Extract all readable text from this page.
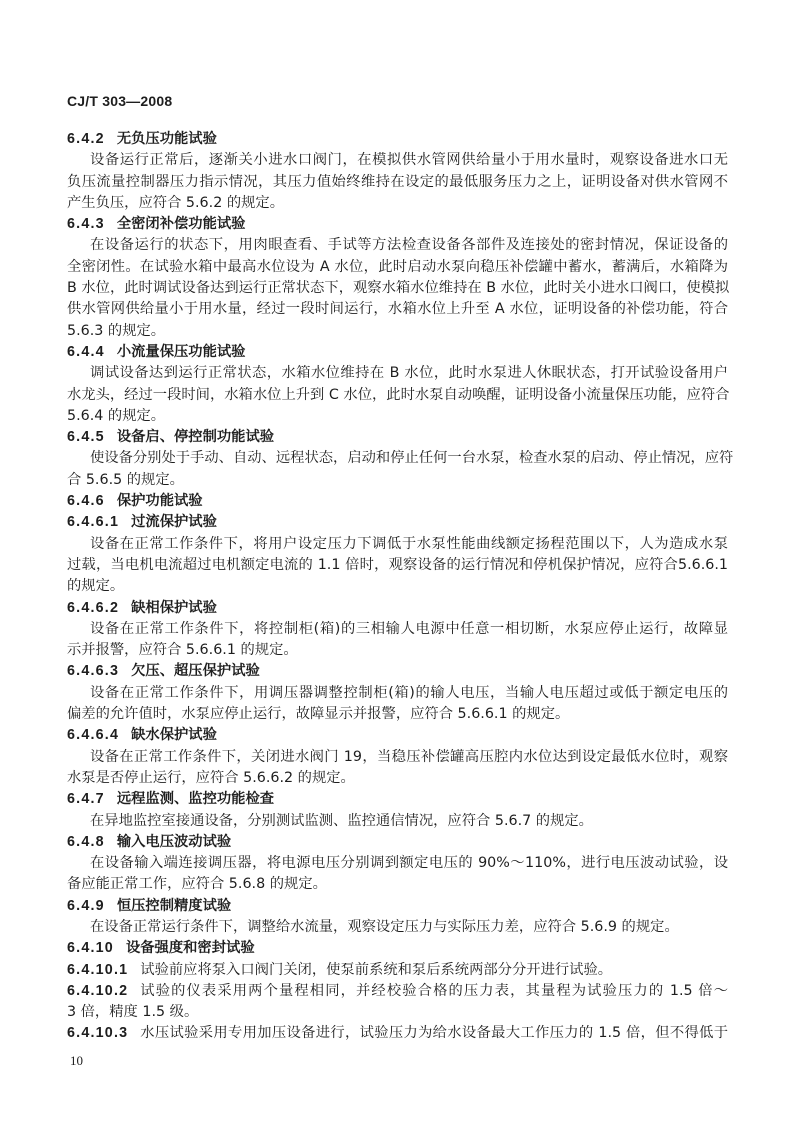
CJ/T 303—2008
6.4.2 无负压功能试验
设备运行正常后，逐渐关小进水口阀门，在模拟供水管网供给量小于用水量时，观察设备进水口无
负压流量控制器压力指示情况，其压力值始终维持在设定的最低服务压力之上，证明设备对供水管网不
产生负压，应符合 5.6.2 的规定。
6.4.3 全密闭补偿功能试验
在设备运行的状态下，用肉眼查看、手试等方法检查设备各部件及连接处的密封情况，保证设备的
全密闭性。在试验水箱中最高水位设为 A 水位，此时启动水泵向稳压补偿罐中蓄水，蓄满后，水箱降为
B 水位，此时调试设备达到运行正常状态下，观察水箱水位维持在 B 水位，此时关小进水口阀口，使模拟
供水管网供给量小于用水量，经过一段时间运行，水箱水位上升至 A 水位，证明设备的补偿功能，符合
5.6.3 的规定。
6.4.4 小流量保压功能试验
调试设备达到运行正常状态，水箱水位维持在 B 水位，此时水泵进人休眠状态，打开试验设备用户
水龙头，经过一段时间，水箱水位上升到 C 水位，此时水泵自动唤醒，证明设备小流量保压功能，应符合
5.6.4 的规定。
6.4.5 设备启、停控制功能试验
使设备分别处于手动、自动、远程状态，启动和停止任何一台水泵，检查水泵的启动、停止情况，应符
合 5.6.5 的规定。
6.4.6 保护功能试验
6.4.6.1 过流保护试验
设备在正常工作条件下，将用户设定压力下调低于水泵性能曲线额定扬程范围以下，人为造成水泵
过载，当电机电流超过电机额定电流的 1.1 倍时，观察设备的运行情况和停机保护情况，应符合5.6.6.1
的规定。
6.4.6.2 缺相保护试验
设备在正常工作条件下，将控制柜(箱)的三相输人电源中任意一相切断，水泵应停止运行，故障显
示并报警，应符合 5.6.6.1 的规定。
6.4.6.3 欠压、超压保护试验
设备在正常工作条件下，用调压器调整控制柜(箱)的输人电压，当输人电压超过或低于额定电压的
偏差的允许值时，水泵应停止运行，故障显示并报警，应符合 5.6.6.1 的规定。
6.4.6.4 缺水保护试验
设备在正常工作条件下，关闭进水阀门 19，当稳压补偿罐高压腔内水位达到设定最低水位时，观察
水泵是否停止运行，应符合 5.6.6.2 的规定。
6.4.7 远程监测、监控功能检查
在异地监控室接通设备，分别测试监测、监控通信情况，应符合 5.6.7 的规定。
6.4.8 输入电压波动试验
在设备输入端连接调压器，将电源电压分别调到额定电压的 90%～110%，进行电压波动试验，设
备应能正常工作，应符合 5.6.8 的规定。
6.4.9 恒压控制精度试验
在设备正常运行条件下，调整给水流量，观察设定压力与实际压力差，应符合 5.6.9 的规定。
6.4.10 设备强度和密封试验
6.4.10.1 试验前应将泵入口阀门关闭，使泵前系统和泵后系统两部分分开进行试验。
6.4.10.2 试验的仪表采用两个量程相同，并经校验合格的压力表，其量程为试验压力的 1.5 倍～
3 倍，精度 1.5 级。
6.4.10.3 水压试验采用专用加压设备进行，试验压力为给水设备最大工作压力的 1.5 倍，但不得低于
10
